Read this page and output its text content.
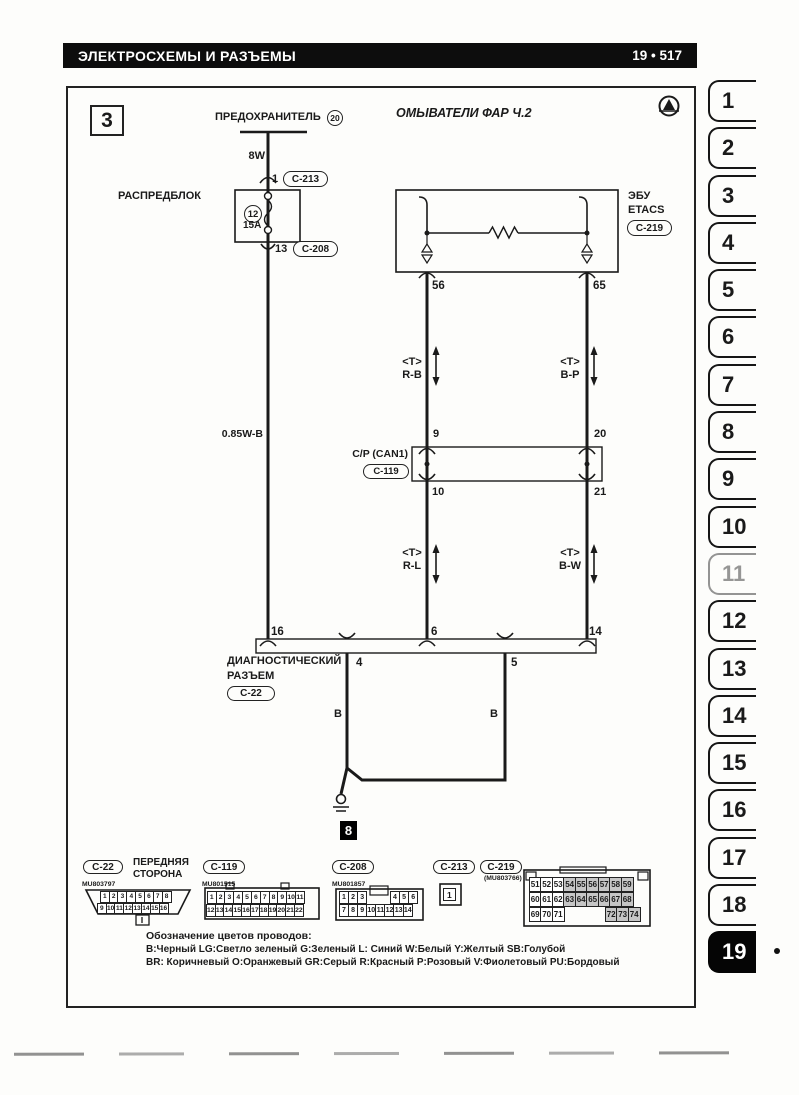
ЭЛЕКТРОСХЕМЫ И РАЗЪЕМЫ	19 • 517
3	ОМЫВАТЕЛИ ФАР Ч.2
ПРЕДОХРАНИТЕЛЬ	20
8W
1	C-213
РАСПРЕДБЛОК
12
15A
13	C-208
ЭБУ
ETACS
C-219
56	65
<T>
R-B
<T>
B-P
0.85W-B
C/P (CAN1)
C-119
9	20
10	21
<T>
R-L
<T>
B-W
16	6	14
4	5
ДИАГНОСТИЧЕСКИЙ
РАЗЪЕМ
C-22
B	B
8
C-22	ПЕРЕДНЯЯ
СТОРОНА
MU803797
1 2 3 4 5 6 7 8
9 10 11 12 13 14 15 16
C-119
MU801515
1 2 3 4 5 6 7 8 9 10 11
12 13 14 15 16 17 18 19 20 21 22
C-208
MU801857
1 2 3	4 5 6
7 8 9 10 11 12 13 14
C-213
1
C-219
(MU803766)
51 52 53 54 55 56 57 58 59
60 61 62 63 64 65 66 67 68
69 70 71	72 73 74
Обозначение цветов проводов:
B:Черный LG:Светло зеленый G:Зеленый L: Синий W:Белый Y:Желтый SB:Голубой
BR: Коричневый O:Оранжевый GR:Серый R:Красный P:Розовый V:Фиолетовый PU:Бордовый
1
2
3
4
5
6
7
8
9
10
11
12
13
14
15
16
17
18
19
